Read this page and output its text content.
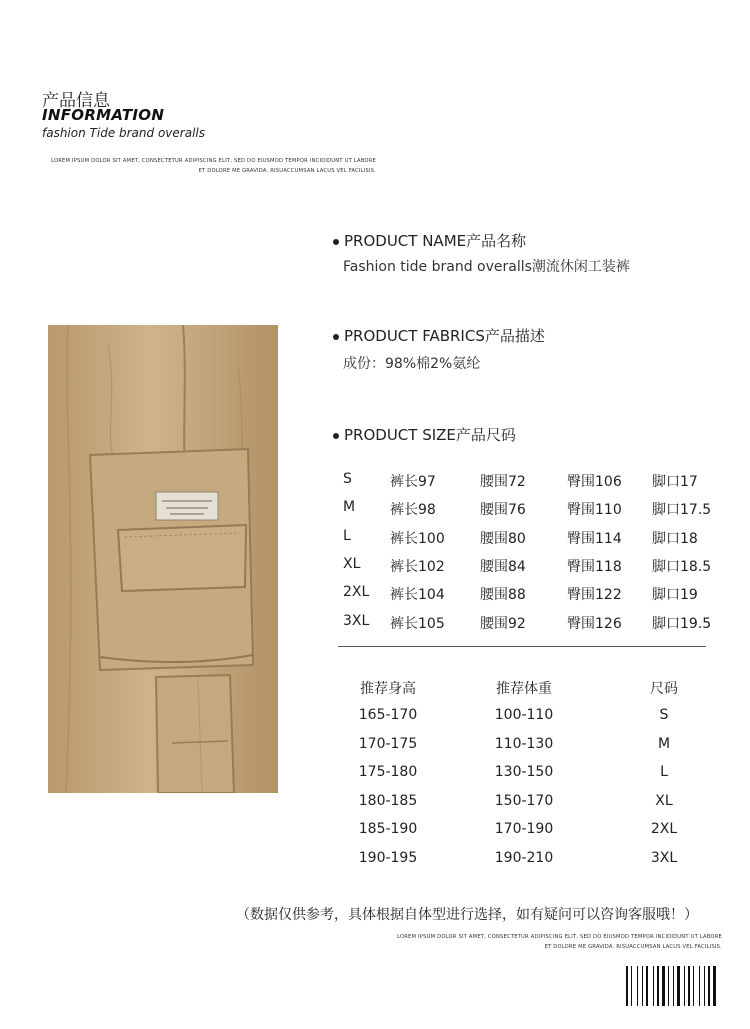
产品信息
INFORMATION
fashion Tide brand overalls
LOREM IPSUM DOLOR SIT AMET, CONSECTETUR ADIPISCING ELIT, SED DO EIUSMOD TEMPOR INCIDIDUNT UT LABORE
ET DOLORE ME GRAVIDA. RISUACCUMSAN LACUS VEL FACILISIS.
PRODUCT NAME产品名称
Fashion tide brand overalls潮流休闲工装裤
PRODUCT FABRICS产品描述
成份：98%棉2%氨纶
PRODUCT SIZE产品尺码
S	裤长97	腰围72	臀围106 脚口17
M 裤长98	腰围76	臀围110 脚口17.5
L	裤长100	腰围80	臀围114 脚口18
XL 裤长102	腰围84	臀围118 脚口18.5
2XL 裤长104	腰围88	臀围122 脚口19
3XL 裤长105	腰围92	臀围126 脚口19.5
推荐身高	推荐体重	尺码
165-170	100-110	S
170-175	110-130	M
175-180	130-150	L
180-185	150-170	XL
185-190	170-190	2XL
190-195	190-210	3XL
（数据仅供参考，具体根据自体型进行选择，如有疑问可以咨询客服哦！）
LOREM IPSUM DOLOR SIT AMET, CONSECTETUR ADIPISCING ELIT, SED DO EIUSMOD TEMPOR INCIDIDUNT UT LABORE
ET DOLORE ME GRAVIDA. RISUACCUMSAN LACUS VEL FACILISIS.
